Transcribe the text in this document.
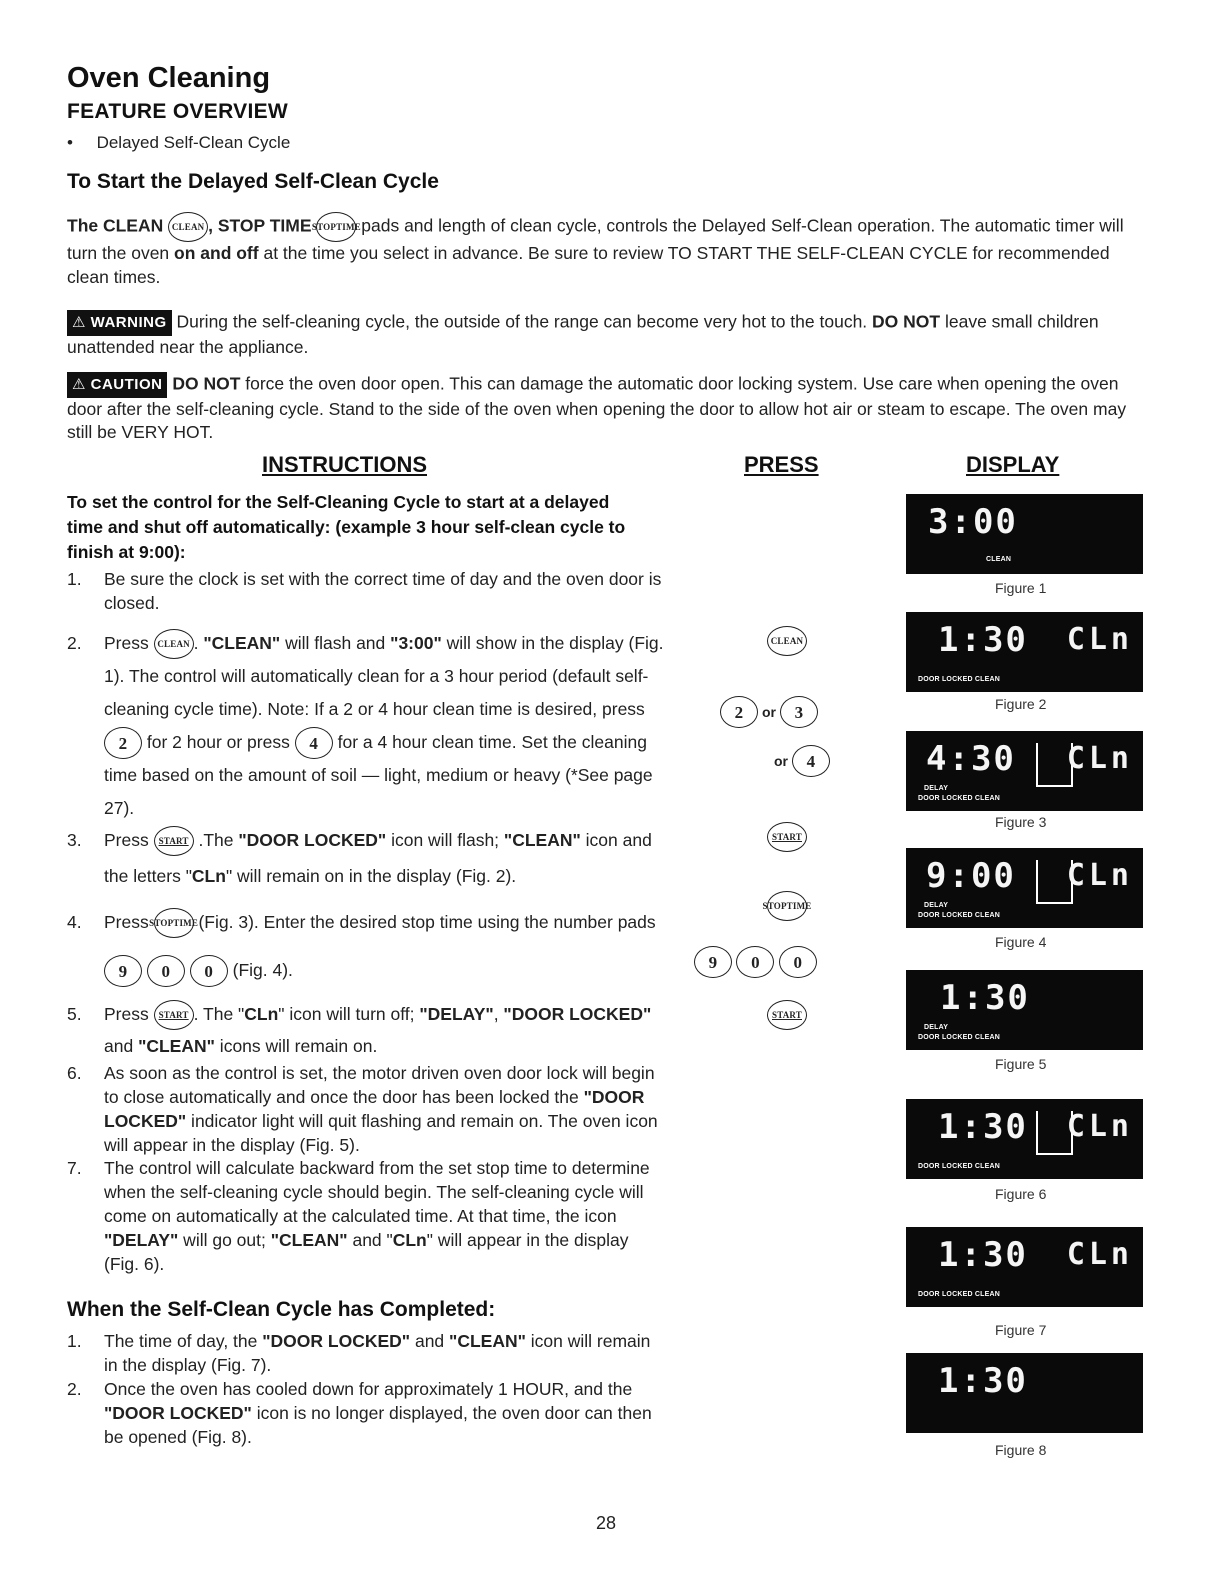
Oven Cleaning
FEATURE OVERVIEW
•     Delayed Self-Clean Cycle
To Start the Delayed Self-Clean Cycle
The CLEAN CLEAN , STOP TIME STOP TIME
pads and length of clean cycle, controls the Delayed Self-Clean operation. The automatic timer will turn the oven on and off at the time you select in advance. Be sure to review TO START THE SELF-CLEAN CYCLE for recommended clean times.
⚠ WARNING During the self-cleaning cycle, the outside of the range can become very hot to the touch. DO NOT leave small children unattended near the appliance.
⚠ CAUTION DO NOT force the oven door open. This can damage the automatic door locking system. Use care when opening the oven door after the self-cleaning cycle. Stand to the side of the oven when opening the door to allow hot air or steam to escape. The oven may still be VERY HOT.
INSTRUCTIONS	PRESS	DISPLAY
To set the control for the Self-Cleaning Cycle to start at a delayed time and shut off automatically: (example 3 hour self-clean cycle to finish at 9:00):
1. Be sure the clock is set with the correct time of day and the oven door is closed.
2. Press CLEAN . "CLEAN" will flash and "3:00" will show in the display (Fig. 1). The control will automatically clean for a 3 hour period (default self-cleaning cycle time). Note: If a 2 or 4 hour clean time is desired, press 2 for 2 hour or press 4 for a 4 hour clean time. Set the cleaning time based on the amount of soil — light, medium or heavy (*See page 27).
3. Press START .The "DOOR LOCKED" icon will flash; "CLEAN" icon and the letters "CLn" will remain on in the display (Fig. 2).
4. Press STOP TIME
(Fig. 3). Enter the desired stop time using the number pads 9 0 0 (Fig. 4).
5. Press START . The "CLn" icon will turn off; "DELAY", "DOOR LOCKED" and "CLEAN" icons will remain on.
6. As soon as the control is set, the motor driven oven door lock will begin to close automatically and once the door has been locked the "DOOR LOCKED" indicator light will quit flashing and remain on. The oven icon will appear in the display (Fig. 5).
7. The control will calculate backward from the set stop time to determine when the self-cleaning cycle should begin. The self-cleaning cycle will come on automatically at the calculated time. At that time, the icon "DELAY" will go out; "CLEAN" and "CLn" will appear in the display (Fig. 6).
When the Self-Clean Cycle has Completed:
1. The time of day, the "DOOR LOCKED" and "CLEAN" icon will remain in the display (Fig. 7).
2. Once the oven has cooled down for approximately 1 HOUR, and the "DOOR LOCKED" icon is no longer displayed, the oven door can then be opened (Fig. 8).
CLEAN
2 or 3
or 4
START
STOP TIME
9 0 0
START
3:00
CLEAN
Figure 1
1:30 CLn
DOOR LOCKED CLEAN
Figure 2
4:30 CLn
DELAY
DOOR LOCKED CLEAN
Figure 3
9:00 CLn
DELAY
DOOR LOCKED CLEAN
Figure 4
1:30
DELAY
DOOR LOCKED CLEAN
Figure 5
1:30 CLn
DOOR LOCKED CLEAN
Figure 6
1:30 CLn
DOOR LOCKED CLEAN
Figure 7
1:30
Figure 8
28
